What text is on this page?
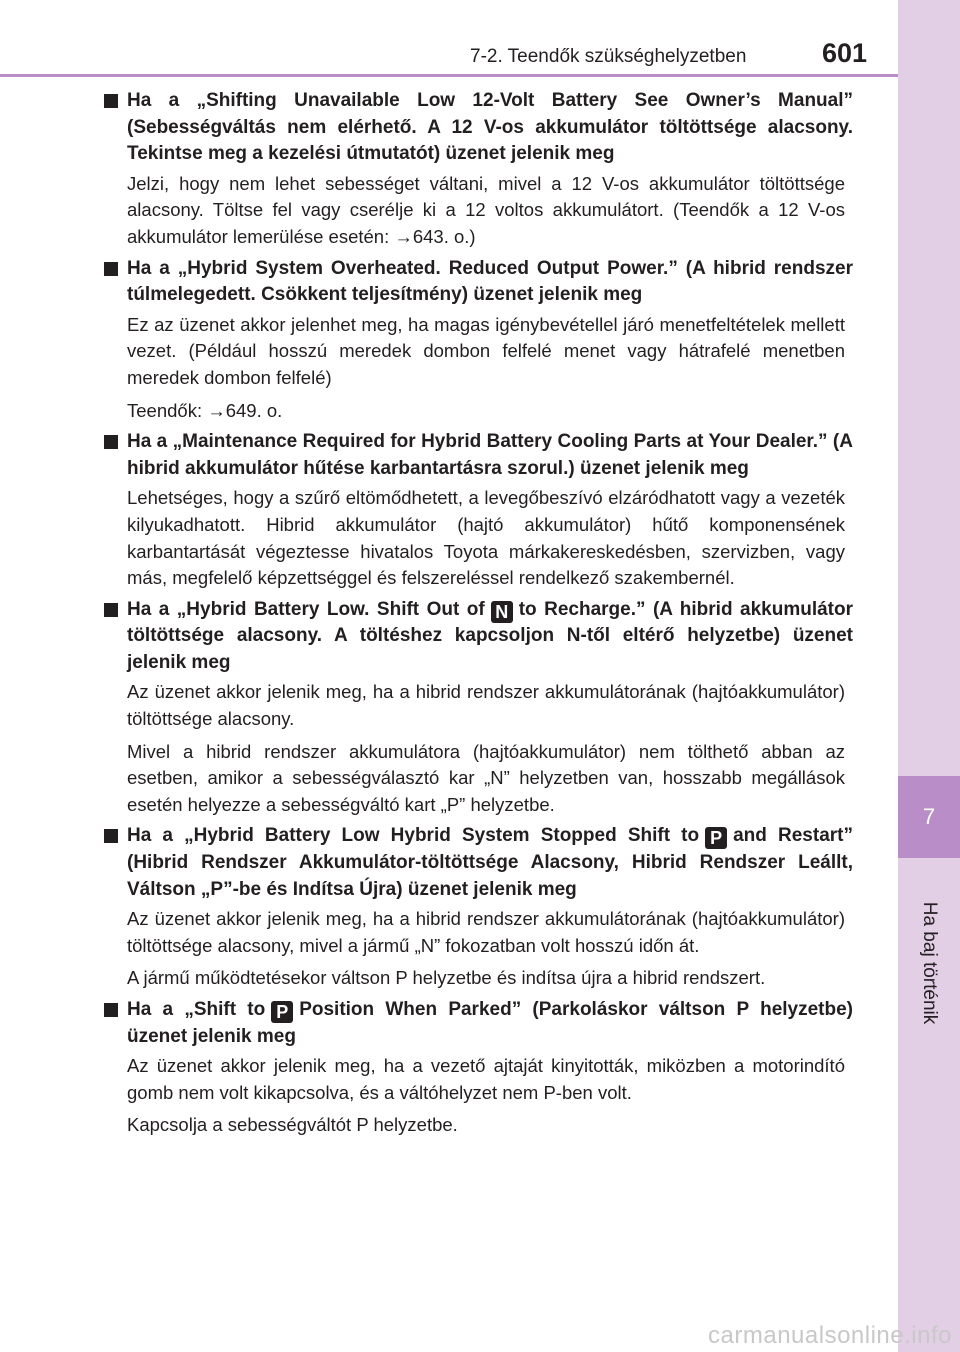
7-2. Teendők szükséghelyzetben	601
7
Ha baj történik

Ha a „Shifting Unavailable Low 12-Volt Battery See Owner’s Manual” (Sebességváltás nem elérhető. A 12 V-os akkumulátor töltöttsége alacsony. Tekintse meg a kezelési útmutatót) üzenet jelenik meg

Jelzi, hogy nem lehet sebességet váltani, mivel a 12 V-os akkumulátor töltöttsége alacsony. Töltse fel vagy cserélje ki a 12 voltos akkumulátort. (Teendők a 12 V-os akkumulátor lemerülése esetén: →643. o.)

Ha a „Hybrid System Overheated. Reduced Output Power.” (A hibrid rendszer túlmelegedett. Csökkent teljesítmény) üzenet jelenik meg

Ez az üzenet akkor jelenhet meg, ha magas igénybevétellel járó menetfeltételek mellett vezet. (Például hosszú meredek dombon felfelé menet vagy hátrafelé menetben meredek dombon felfelé)

Teendők: →649. o.

Ha a „Maintenance Required for Hybrid Battery Cooling Parts at Your Dealer.” (A hibrid akkumulátor hűtése karbantartásra szorul.) üzenet jelenik meg

Lehetséges, hogy a szűrő eltömődhetett, a levegőbeszívó elzáródhatott vagy a vezeték kilyukadhatott. Hibrid akkumulátor (hajtó akkumulátor) hűtő komponensének karbantartását végeztesse hivatalos Toyota márkakereskedésben, szervizben, vagy más, megfelelő képzettséggel és felszereléssel rendelkező szakembernél.

Ha a „Hybrid Battery Low. Shift Out of N to Recharge.” (A hibrid akkumulátor töltöttsége alacsony. A töltéshez kapcsoljon N-től eltérő helyzetbe) üzenet jelenik meg

Az üzenet akkor jelenik meg, ha a hibrid rendszer akkumulátorának (hajtóakkumulátor) töltöttsége alacsony.

Mivel a hibrid rendszer akkumulátora (hajtóakkumulátor) nem tölthető abban az esetben, amikor a sebességválasztó kar „N” helyzetben van, hosszabb megállások esetén helyezze a sebességváltó kart „P” helyzetbe.

Ha a „Hybrid Battery Low Hybrid System Stopped Shift to P and Restart” (Hibrid Rendszer Akkumulátor-töltöttsége Alacsony, Hibrid Rendszer Leállt, Váltson „P”-be és Indítsa Újra) üzenet jelenik meg

Az üzenet akkor jelenik meg, ha a hibrid rendszer akkumulátorának (hajtóakkumulátor) töltöttsége alacsony, mivel a jármű „N” fokozatban volt hosszú időn át.

A jármű működtetésekor váltson P helyzetbe és indítsa újra a hibrid rendszert.

Ha a „Shift to P Position When Parked” (Parkoláskor váltson P helyzetbe) üzenet jelenik meg

Az üzenet akkor jelenik meg, ha a vezető ajtaját kinyitották, miközben a motorindító gomb nem volt kikapcsolva, és a váltóhelyzet nem P-ben volt.

Kapcsolja a sebességváltót P helyzetbe.

carmanualsonline.info
